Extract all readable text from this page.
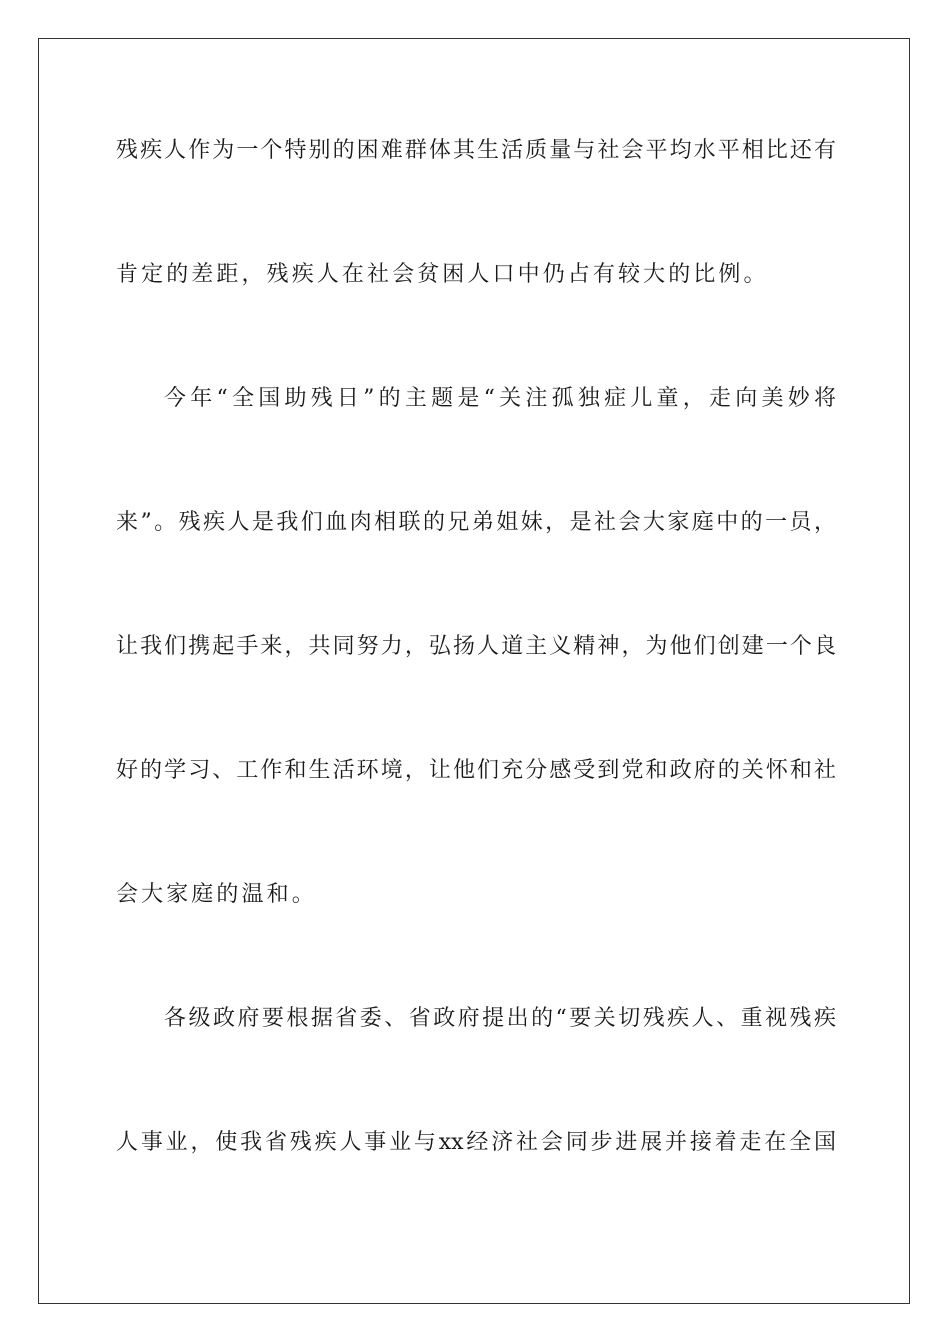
残疾人作为一个特别的困难群体其生活质量与社会平均水平相比还有
肯定的差距，残疾人在社会贫困人口中仍占有较大的比例。
今年“全国助残日”的主题是“关注孤独症儿童，走向美妙将
来”。残疾人是我们血肉相联的兄弟姐妹，是社会大家庭中的一员，
让我们携起手来，共同努力，弘扬人道主义精神，为他们创建一个良
好的学习、工作和生活环境，让他们充分感受到党和政府的关怀和社
会大家庭的温和。
各级政府要根据省委、省政府提出的“要关切残疾人、重视残疾
人事业，使我省残疾人事业与xx经济社会同步进展并接着走在全国
